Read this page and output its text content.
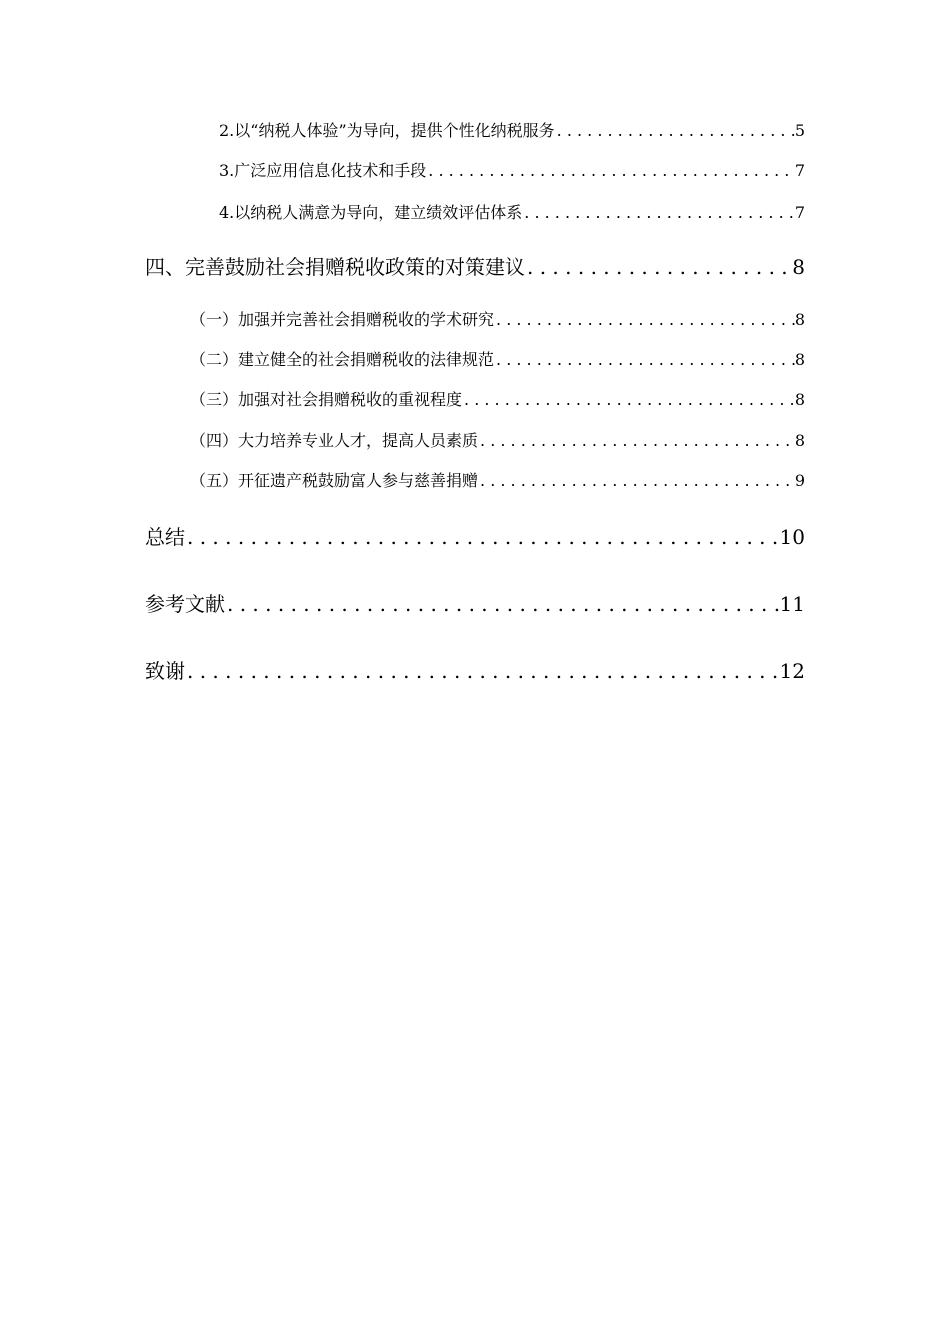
2.以“纳税人体验”为导向，提供个性化纳税服务 . . .	5
3.广泛应用信息化技术和手段 . . .	7
4.以纳税人满意为导向，建立绩效评估体系 . . .	7
四、完善鼓励社会捐赠税收政策的对策建议 . . .	8
（一）加强并完善社会捐赠税收的学术研究 . . .	8
（二）建立健全的社会捐赠税收的法律规范 . . .	8
（三）加强对社会捐赠税收的重视程度 . . .	8
（四）大力培养专业人才，提高人员素质 . . .	8
（五）开征遗产税鼓励富人参与慈善捐赠 . . .	9
总结 . . .	10
参考文献 . . .	11
致谢 . . .	12
